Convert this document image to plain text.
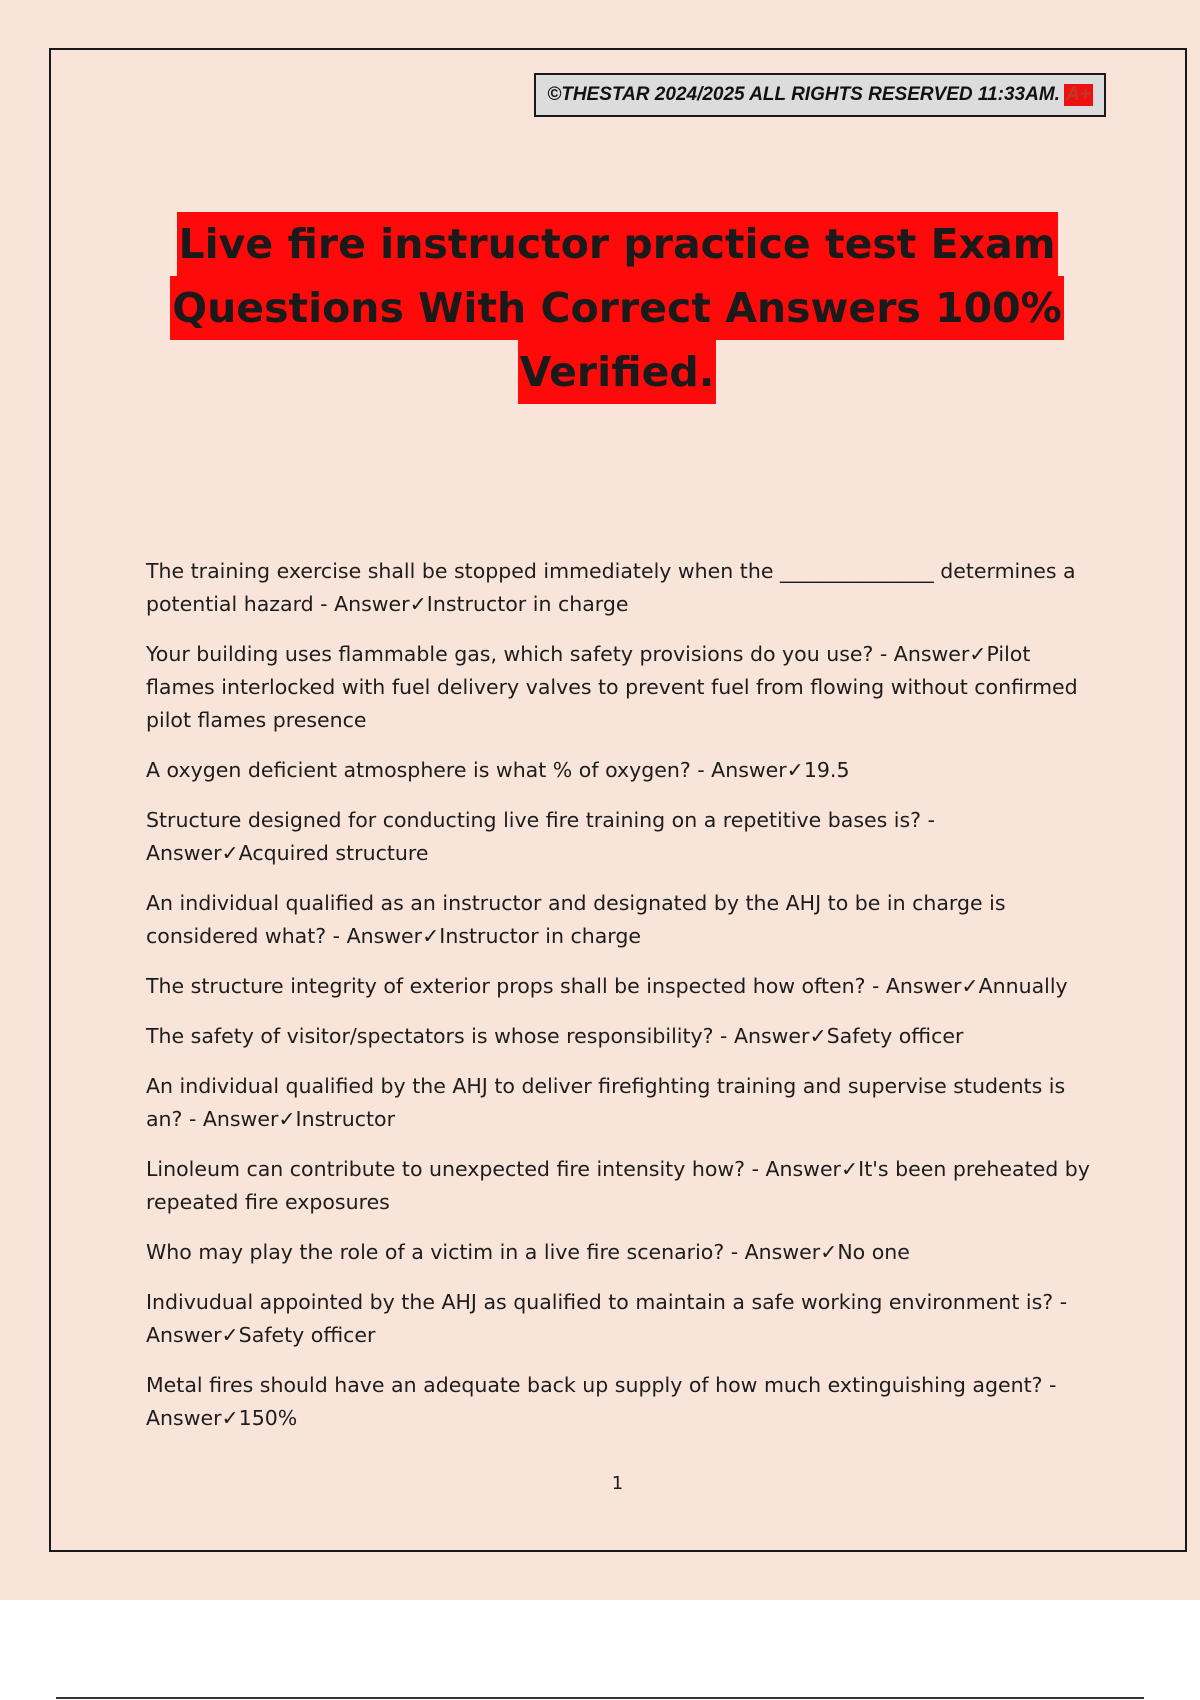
©THESTAR 2024/2025 ALL RIGHTS RESERVED 11:33AM. A+
Live fire instructor practice test Exam
Questions With Correct Answers 100%
Verified.

The training exercise shall be stopped immediately when the _______________ determines a potential hazard - Answer✓Instructor in charge

Your building uses flammable gas, which safety provisions do you use? - Answer✓Pilot flames interlocked with fuel delivery valves to prevent fuel from flowing without confirmed pilot flames presence

A oxygen deficient atmosphere is what % of oxygen? - Answer✓19.5

Structure designed for conducting live fire training on a repetitive bases is? - Answer✓Acquired structure

An individual qualified as an instructor and designated by the AHJ to be in charge is considered what? - Answer✓Instructor in charge

The structure integrity of exterior props shall be inspected how often? - Answer✓Annually

The safety of visitor/spectators is whose responsibility? - Answer✓Safety officer

An individual qualified by the AHJ to deliver firefighting training and supervise students is an? - Answer✓Instructor

Linoleum can contribute to unexpected fire intensity how? - Answer✓It's been preheated by repeated fire exposures

Who may play the role of a victim in a live fire scenario? - Answer✓No one

Indivudual appointed by the AHJ as qualified to maintain a safe working environment is? - Answer✓Safety officer

Metal fires should have an adequate back up supply of how much extinguishing agent? - Answer✓150%

1
